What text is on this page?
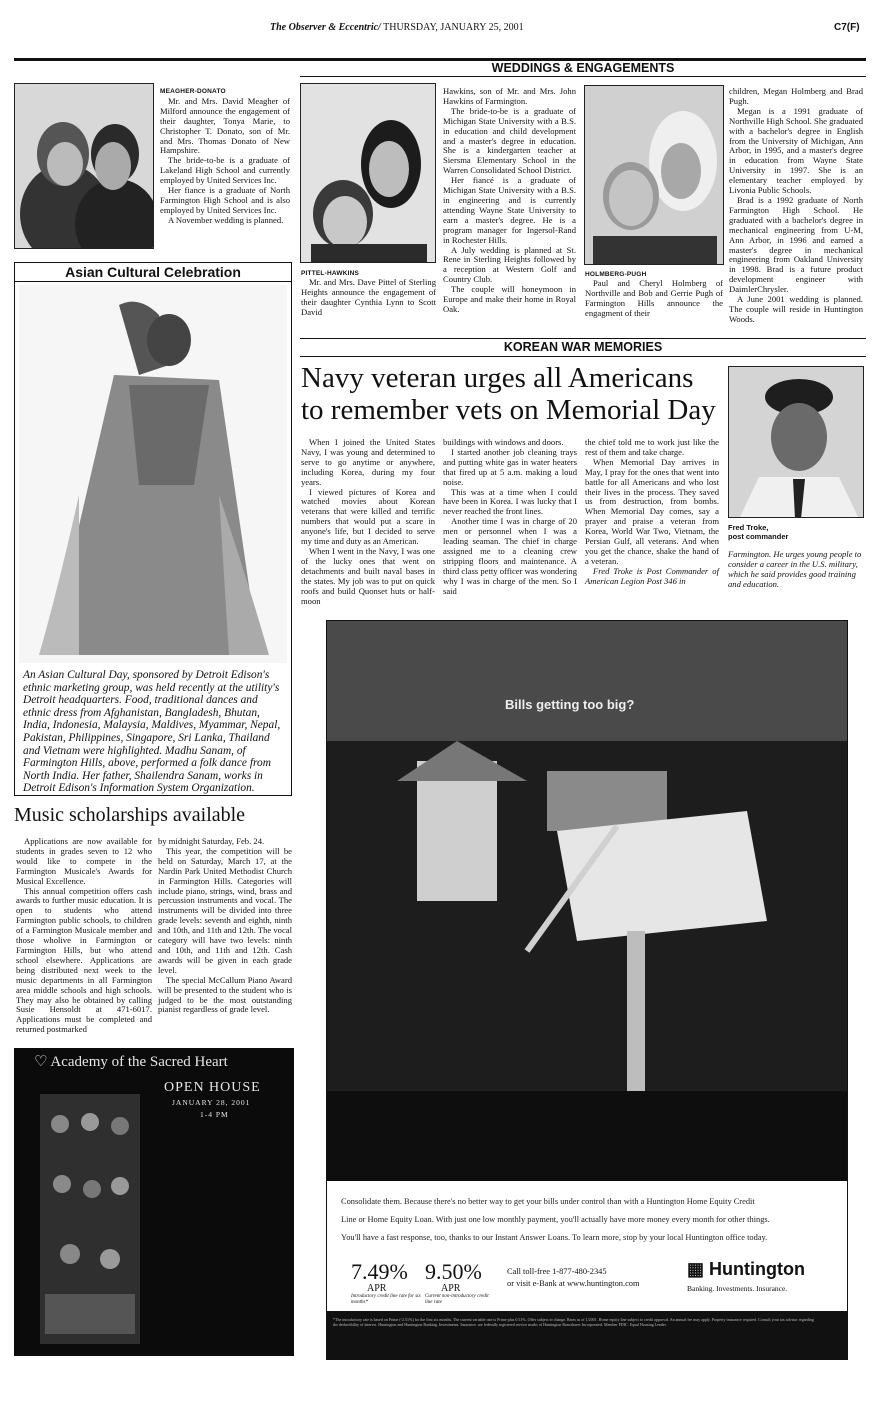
The Observer & Eccentric/ THURSDAY, JANUARY 25, 2001	C7(F)
WEDDINGS & ENGAGEMENTS
MEAGHER-DONATO

Mr. and Mrs. David Meagher of Milford announce the engagement of their daughter, Tonya Marie, to Christopher T. Donato, son of Mr. and Mrs. Thomas Donato of New Hampshire.

The bride-to-be is a graduate of Lakeland High School and currently employed by United Services Inc.

Her fiance is a graduate of North Farmington High School and is also employed by United Services Inc.

A November wedding is planned.

PITTEL-HAWKINS

Mr. and Mrs. Dave Pittel of Sterling Heights announce the engagement of their daughter Cynthia Lynn to Scott David

Hawkins, son of Mr. and Mrs. John Hawkins of Farmington.

The bride-to-be is a graduate of Michigan State University with a B.S. in education and child development and a master's degree in education. She is a kindergarten teacher at Siersma Elementary School in the Warren Consolidated School District.

Her fiancé is a graduate of Michigan State University with a B.S. in engineering and is currently attending Wayne State University to earn a master's degree. He is a program manager for Ingersol-Rand in Rochester Hills.

A July wedding is planned at St. Rene in Sterling Heights followed by a reception at Western Golf and Country Club.

The couple will honeymoon in Europe and make their home in Royal Oak.

HOLMBERG-PUGH

Paul and Cheryl Holmberg of Northville and Bob and Gerrie Pugh of Farmington Hills announce the engagment of their

children, Megan Holmberg and Brad Pugh.

Megan is a 1991 graduate of Northville High School. She graduated with a bachelor's degree in English from the University of Michigan, Ann Arbor, in 1995, and a master's degree in education from Wayne State University in 1997. She is an elementary teacher employed by Livonia Public Schools.

Brad is a 1992 graduate of North Farmington High School. He graduated with a bachelor's degree in mechanical engineering from U-M, Ann Arbor, in 1996 and earned a master's degree in mechanical engineering from Oakland University in 1998. Brad is a future product development engineer with DaimlerChrysler.

A June 2001 wedding is planned. The couple will reside in Huntington Woods.

Asian Cultural Celebration
An Asian Cultural Day, sponsored by Detroit Edison's ethnic marketing group, was held recently at the utility's Detroit headquarters. Food, traditional dances and ethnic dress from Afghanistan, Bangladesh, Bhutan, India, Indonesia, Malaysia, Maldives, Myammar, Nepal, Pakistan, Philippines, Singapore, Sri Lanka, Thailand and Vietnam were highlighted. Madhu Sanam, of Farmington Hills, above, performed a folk dance from North India. Her father, Shailendra Sanam, works in Detroit Edison's Information System Organization.
Music scholarships available

Applications are now available for students in grades seven to 12 who would like to compete in the Farmington Musicale's Awards for Musical Excellence.

This annual competition offers cash awards to further music education. It is open to students who attend Farmington public schools, to children of a Farmington Musicale member and those wholive in Farmington or Farmington Hills, but who attend school elsewhere. Applications are being distributed next week to the music departments in all Farmington area middle schools and high schools. They may also be obtained by calling Susie Hensoldt at 471-6017. Applications must be completed and returned postmarked

by midnight Saturday, Feb. 24.

This year, the competition will be held on Saturday, March 17, at the Nardin Park United Methodist Church in Farmington Hills. Categories will include piano, strings, wind, brass and percussion instruments and vocal. The instruments will be divided into three grade levels: seventh and eighth, ninth and 10th, and 11th and 12th. The vocal category will have two levels: ninth and 10th, and 11th and 12th. Cash awards will be given in each grade level.

The special McCallum Piano Award will be presented to the student who is judged to be the most outstanding pianist regardless of grade level.

♡ Academy of the Sacred Heart
OPEN HOUSE
JANUARY 28, 2001
1-4 PM
KOREAN WAR MEMORIES
Navy veteran urges all Americans to remember vets on Memorial Day

When I joined the United States Navy, I was young and determined to serve to go anytime or anywhere, including Korea, during my four years.

I viewed pictures of Korea and watched movies about Korean veterans that were killed and terrific numbers that would put a scare in anyone's life, but I decided to serve my time and duty as an American.

When I went in the Navy, I was one of the lucky ones that went on detachments and built naval bases in the states. My job was to put on quick roofs and build Quonset huts or half-moon

buildings with windows and doors.

I started another job cleaning trays and putting white gas in water heaters that fired up at 5 a.m. making a loud noise.

This was at a time when I could have been in Korea. I was lucky that I never reached the front lines.

Another time I was in charge of 20 men or personnel when I was a leading seaman. The chief in charge assigned me to a cleaning crew stripping floors and maintenance. A third class petty officer was wondering why I was in charge of the men. So I said

the chief told me to work just like the rest of them and take charge.

When Memorial Day arrives in May, I pray for the ones that went into battle for all Americans and who lost their lives in the process. They saved us from destruction, from bombs. When Memorial Day comes, say a prayer and praise a veteran from Korea, World War Two, Vietnam, the Persian Gulf, all veterans. And when you get the chance, shake the hand of a veteran.

Fred Troke is Post Commander of American Legion Post 346 in

Fred Troke,
post commander
Farmington. He urges young people to consider a career in the U.S. military, which he said provides good training and education.
Bills getting too big?
Consolidate them. Because there's no better way to get your bills under control than with a Huntington Home Equity Credit
Line or Home Equity Loan. With just one low monthly payment, you'll actually have more money every month for other things.
You'll have a fast response, too, thanks to our Instant Answer Loans. To learn more, stop by your local Huntington office today.
7.49%
APR
Introductory credit line rate for six months*
9.50%
APR
Current non-introductory credit line rate
Call toll-free 1-877-480-2345
or visit e-Bank at www.huntington.com
▦ Huntington
Banking. Investments. Insurance.
*The introductory rate is based on Prime (-2.51%) for the first six months. The current variable rate is Prime plus 0.51%. Offer subject to change. Rates as of 1/2001. Home equity line subject to credit approval. An annual fee may apply. Property insurance required. Consult your tax advisor regarding the deductibility of interest. Huntington and Huntington Banking. Investments. Insurance. are federally registered service marks of Huntington Bancshares Incorporated. Member FDIC. Equal Housing Lender.
